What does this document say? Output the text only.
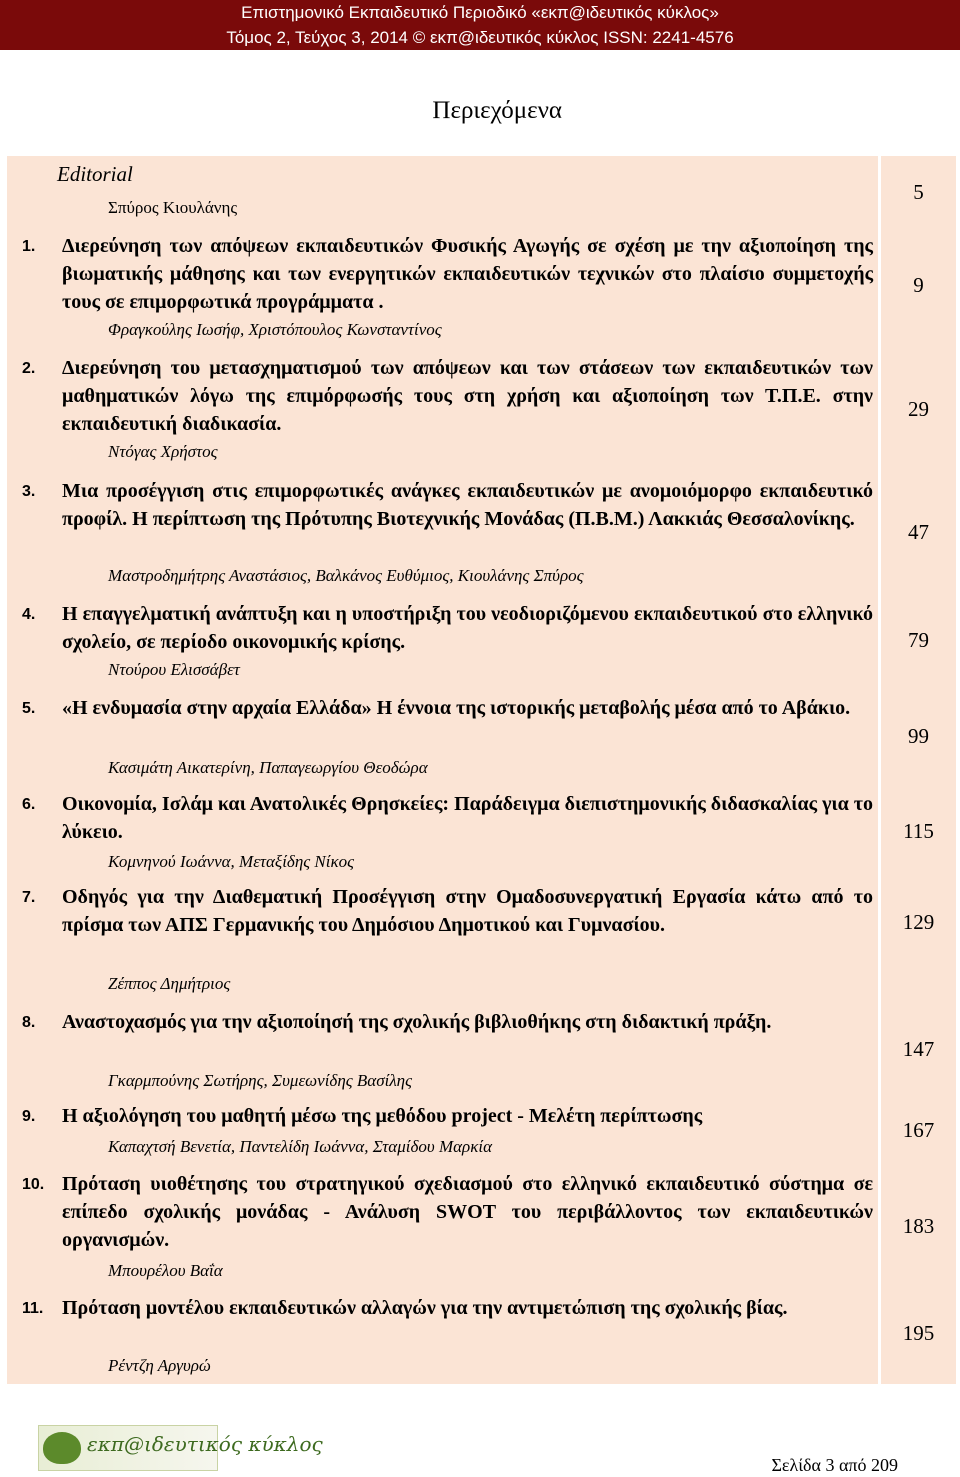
Επιστημονικό Εκπαιδευτικό Περιοδικό «εκπ@ιδευτικός κύκλος»
Τόμος 2, Τεύχος 3, 2014 © εκπ@ιδευτικός κύκλος ISSN: 2241-4576
Περιεχόμενα
Editorial
Σπύρος Κιουλάνης
1. Διερεύνηση των απόψεων εκπαιδευτικών Φυσικής Αγωγής σε σχέση με την αξιοποίηση της βιωματικής μάθησης και των ενεργητικών εκπαιδευτικών τεχνικών στο πλαίσιο συμμετοχής τους σε επιμορφωτικά προγράμματα .
Φραγκούλης Ιωσήφ, Χριστόπουλος Κωνσταντίνος
2. Διερεύνηση του μετασχηματισμού των απόψεων και των στάσεων των εκπαιδευτικών των μαθηματικών λόγω της επιμόρφωσής τους στη χρήση και αξιοποίηση των Τ.Π.Ε. στην εκπαιδευτική διαδικασία.
Ντόγας Χρήστος
3. Μια προσέγγιση στις επιμορφωτικές ανάγκες εκπαιδευτικών με ανομοιόμορφο εκπαιδευτικό προφίλ. Η περίπτωση της Πρότυπης Βιοτεχνικής Μονάδας (Π.Β.Μ.) Λακκιάς Θεσσαλονίκης.
Μαστροδημήτρης Αναστάσιος, Βαλκάνος Ευθύμιος, Κιουλάνης Σπύρος
4. Η επαγγελματική ανάπτυξη και η υποστήριξη του νεοδιοριζόμενου εκπαιδευτικού στο ελληνικό σχολείο, σε περίοδο οικονομικής κρίσης.
Ντούρου Ελισσάβετ
5. «Η ενδυμασία στην αρχαία Ελλάδα» Η έννοια της ιστορικής μεταβολής μέσα από το Αβάκιο.
Κασιμάτη Αικατερίνη, Παπαγεωργίου Θεοδώρα
6. Οικονομία, Ισλάμ και Ανατολικές Θρησκείες: Παράδειγμα διεπιστημονικής διδασκαλίας για το λύκειο.
Κομνηνού Ιωάννα, Μεταξίδης Νίκος
7. Οδηγός για την Διαθεματική Προσέγγιση στην Ομαδοσυνεργατική Εργασία κάτω από το πρίσμα των ΑΠΣ Γερμανικής του Δημόσιου Δημοτικού και Γυμνασίου.
Ζέππος Δημήτριος
8. Αναστοχασμός για την αξιοποίησή της σχολικής βιβλιοθήκης στη διδακτική πράξη.
Γκαρμπούνης Σωτήρης, Συμεωνίδης Βασίλης
9. Η αξιολόγηση του μαθητή μέσω της μεθόδου project - Μελέτη περίπτωσης
Καπαχτσή Βενετία, Παντελίδη Ιωάννα, Σταμίδου Μαρκία
10. Πρόταση υιοθέτησης του στρατηγικού σχεδιασμού στο ελληνικό εκπαιδευτικό σύστημα σε επίπεδο σχολικής μονάδας - Ανάλυση SWOT του περιβάλλοντος των εκπαιδευτικών οργανισμών.
Μπουρέλου Βαΐα
11. Πρόταση μοντέλου εκπαιδευτικών αλλαγών για την αντιμετώπιση της σχολικής βίας.
Ρέντζη Αργυρώ
5
9
29
47
79
99
115
129
147
167
183
195
εκπ@ιδευτικός κύκλος
Σελίδα 3 από 209
